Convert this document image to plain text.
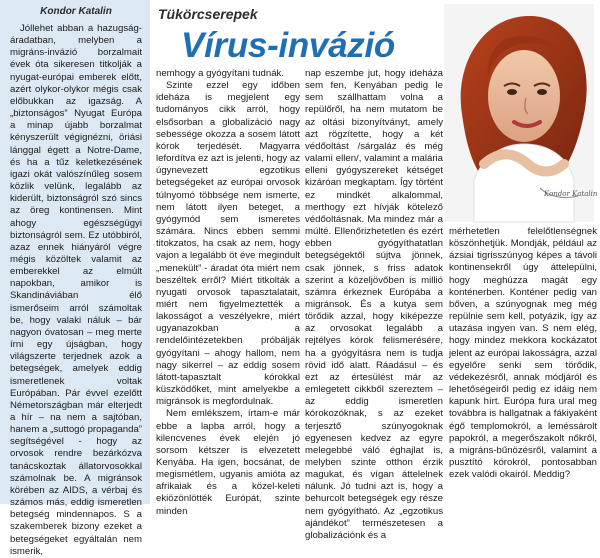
Kondor Katalin

Jóllehet abban a hazugság-áradatban, melyben a migráns-invázió borzalmait évek óta sikeresen titkolják a nyugat-európai emberek előtt, azért olykor-olykor mégis csak előbukkan az igazság. A „biztonságos” Nyugat Európa a minap újabb borzalmat kényszerült végignézni, öriási lánggal égett a Notre-Dame, és ha a tűz keletkezésének igazi okát valószínűleg sosem közlik velünk, legalább az kiderült, biztonságról szó sincs az öreg kontinensen. Mint ahogy egészségügyi biztonságról sem. Ez utóbbiról, azaz ennek hiányáról végre mégis közöltek valamit az emberekkel az elmúlt napokban, amikor is Skandináviában élő ismerőseim arról számoltak be, hogy valaki náluk – bár nagyon óvatosan – meg merte írni egy újságban, hogy világszerte terjednek azok a betegségek, amelyek eddig ismeretlenek voltak Európában. Pár évvel ezelőtt Németországban már elterjedt a hír – na nem a sajtóban, hanem a „suttogó propaganda” segítségével - hogy az orvosok rendre bezárkózva tanácskoztak állatorvosokkal számolnak be. A migránsok körében az AIDS, a vérbaj és számos más, eddig ismeretlen betegség mindennapos. S a szakemberek bizony ezeket a betegségeket egyáltalán nem ismerik,

Tükörcserepek
Vírus-invázió
Kondor Katalin

nemhogy a gyógyítani tudnák.

Szinte ezzel egy időben ideháza is megjelent egy tudományos cikk arról, hogy elsősorban a globalizáció nagy sebessége okozza a sosem látott kórok terjedését. Magyarra lefordítva ez azt is jelenti, hogy az úgynevezett egzotikus betegségeket az európai orvosok túlnyomó többsége nem ismerte, nem látott ilyen beteget, a gyógymód sem ismeretes számára. Nincs ebben semmi titokzatos, ha csak az nem, hogy vajon a legalább öt éve megindult „menekült” - áradat óta miért nem beszéltek erről? Miért titkolták a nyugati orvosok tapasztalatait, miért nem figyelmeztették a lakosságot a veszélyekre, miért ugyanazokban a rendelőintézetekben próbálják gyógyítani – ahogy hallom, nem nagy sikerrel – az eddig sosem látott-tapasztalt kórokkal küszködőket, mint amelyekbe a migránsok is megfordulnak.

Nem emlékszem, írtam-e már ebbe a lapba arról, hogy a kilencvenes évek elején jó sorsom kétszer is elvezetett Kenyába. Ha igen, bocsánat, de megismétlem, ugyanis amióta az afrikaiak és a közel-keleti ekiözönlötték Európát, szinte minden

nap eszembe jut, hogy ideháza sem fen, Kenyában pedig le sem szállhattam volna a repülőről, ha nem mutatom be az oltási bizonyítványt, amely azt rögzítette, hogy a két védőoltást /sárgaláz és még valami ellen/, valamint a malária elleni gyógyszereket kétséget kizáróan megkaptam. Így történt ez mindkét alkalommal, merthogy ezt hívják kötelező védőoltásnak. Ma mindez már a múlté. Ellenőrizhetetlen és ezért ebben gyógyíthatatlan betegségektől sújtva jönnek, csak jönnek, s friss adatok szerint a közeljövőben is millió számra érkeznek Európába a migránsok. És a kutya sem törődik azzal, hogy kiképezze az orvosokat legalább a rejtélyes kórok felismerésére, ha a gyógyításra nem is tudja rövid idő alatt. Ráadásul – és ezt az értesülést már az emlegetett cikkből szereztem – az eddig ismeretlen kórokozóknak, s az ezeket terjesztő szúnyogoknak egyenesen kedvez az egyre melegebbé váló éghajlat is, melyben szinte otthon érzik magukat, és vígan áttelelnek nálunk. Jó tudni azt is, hogy a behurcolt betegségek egy része nem gyógyítható. Az „egzotikus ajándékot” természetesen a globalizációnk és a

mérhetetlen felelőtlenségnek köszönhetjük. Mondják, például az ázsiai tigrisszúnyog képes a távoli kontinensekről úgy áttelepülni, hogy meghúzza magát egy konténerben. Konténer pedig van bőven, a szúnyognak meg még repülnie sem kell, potyázik, így az utazása ingyen van. S nem elég, hogy mindez mekkora kockázatot jelent az európai lakosságra, azzal egyelőre senki sem törődik, védekezésről, annak módjáról és lehetőségeiről pedig ez idáig nem kapunk hírt. Európa fura ural meg továbbra is hallgatnak a fákiyaként égő templomokról, a leméssárolt papokról, a megerőszakolt nőkről, a migráns-bűnözésről, valamint a pusztító kórokról, pontosabban ezek valódi okairól. Meddig?
